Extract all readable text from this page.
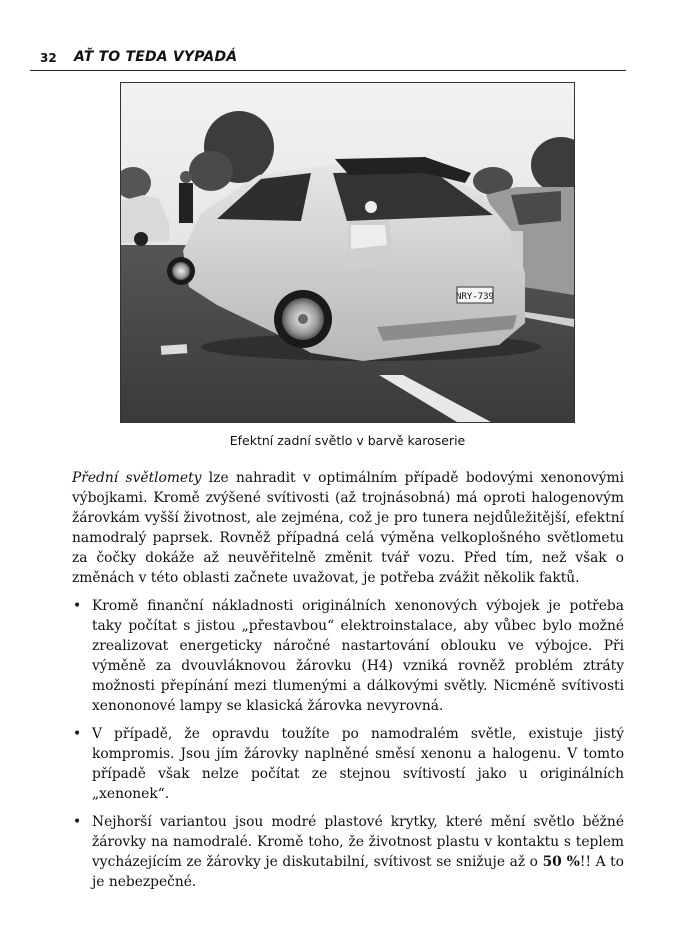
32 AŤ TO TEDA VYPADÁ
NRY-739
Efektní zadní světlo v barvě karoserie

Přední světlomety lze nahradit v optimálním případě bodovými xenonovými výbojkami. Kromě zvýšené svítivosti (až trojnásobná) má oproti halogenovým žárovkám vyšší životnost, ale zejména, což je pro tunera nejdůležitější, efektní namodralý paprsek. Rovněž případná celá výměna velkoplošného světlometu za čočky dokáže až neuvěřitelně změnit tvář vozu. Před tím, než však o změnách v této oblasti začnete uvažovat, je potřeba zvážit několik faktů.

• Kromě finanční nákladnosti originálních xenonových výbojek je potřeba taky počítat s jistou „přestavbou“ elektroinstalace, aby vůbec bylo možné zrealizovat energeticky náročné nastartování oblouku ve výbojce. Při výměně za dvouvláknovou žárovku (H4) vzniká rovněž problém ztráty možnosti přepínání mezi tlumenými a dálkovými světly. Nicméně svítivosti xenononové lampy se klasická žárovka nevyrovná.
• V případě, že opravdu toužíte po namodralém světle, existuje jistý kompromis. Jsou jím žárovky naplněné směsí xenonu a halogenu. V tomto případě však nelze počítat ze stejnou svítivostí jako u originálních „xenonek“.
• Nejhorší variantou jsou modré plastové krytky, které mění světlo běžné žárovky na namodralé. Kromě toho, že životnost plastu v kontaktu s teplem vycházejícím ze žárovky je diskutabilní, svítivost se snižuje až o 50 %!! A to je nebezpečné.
